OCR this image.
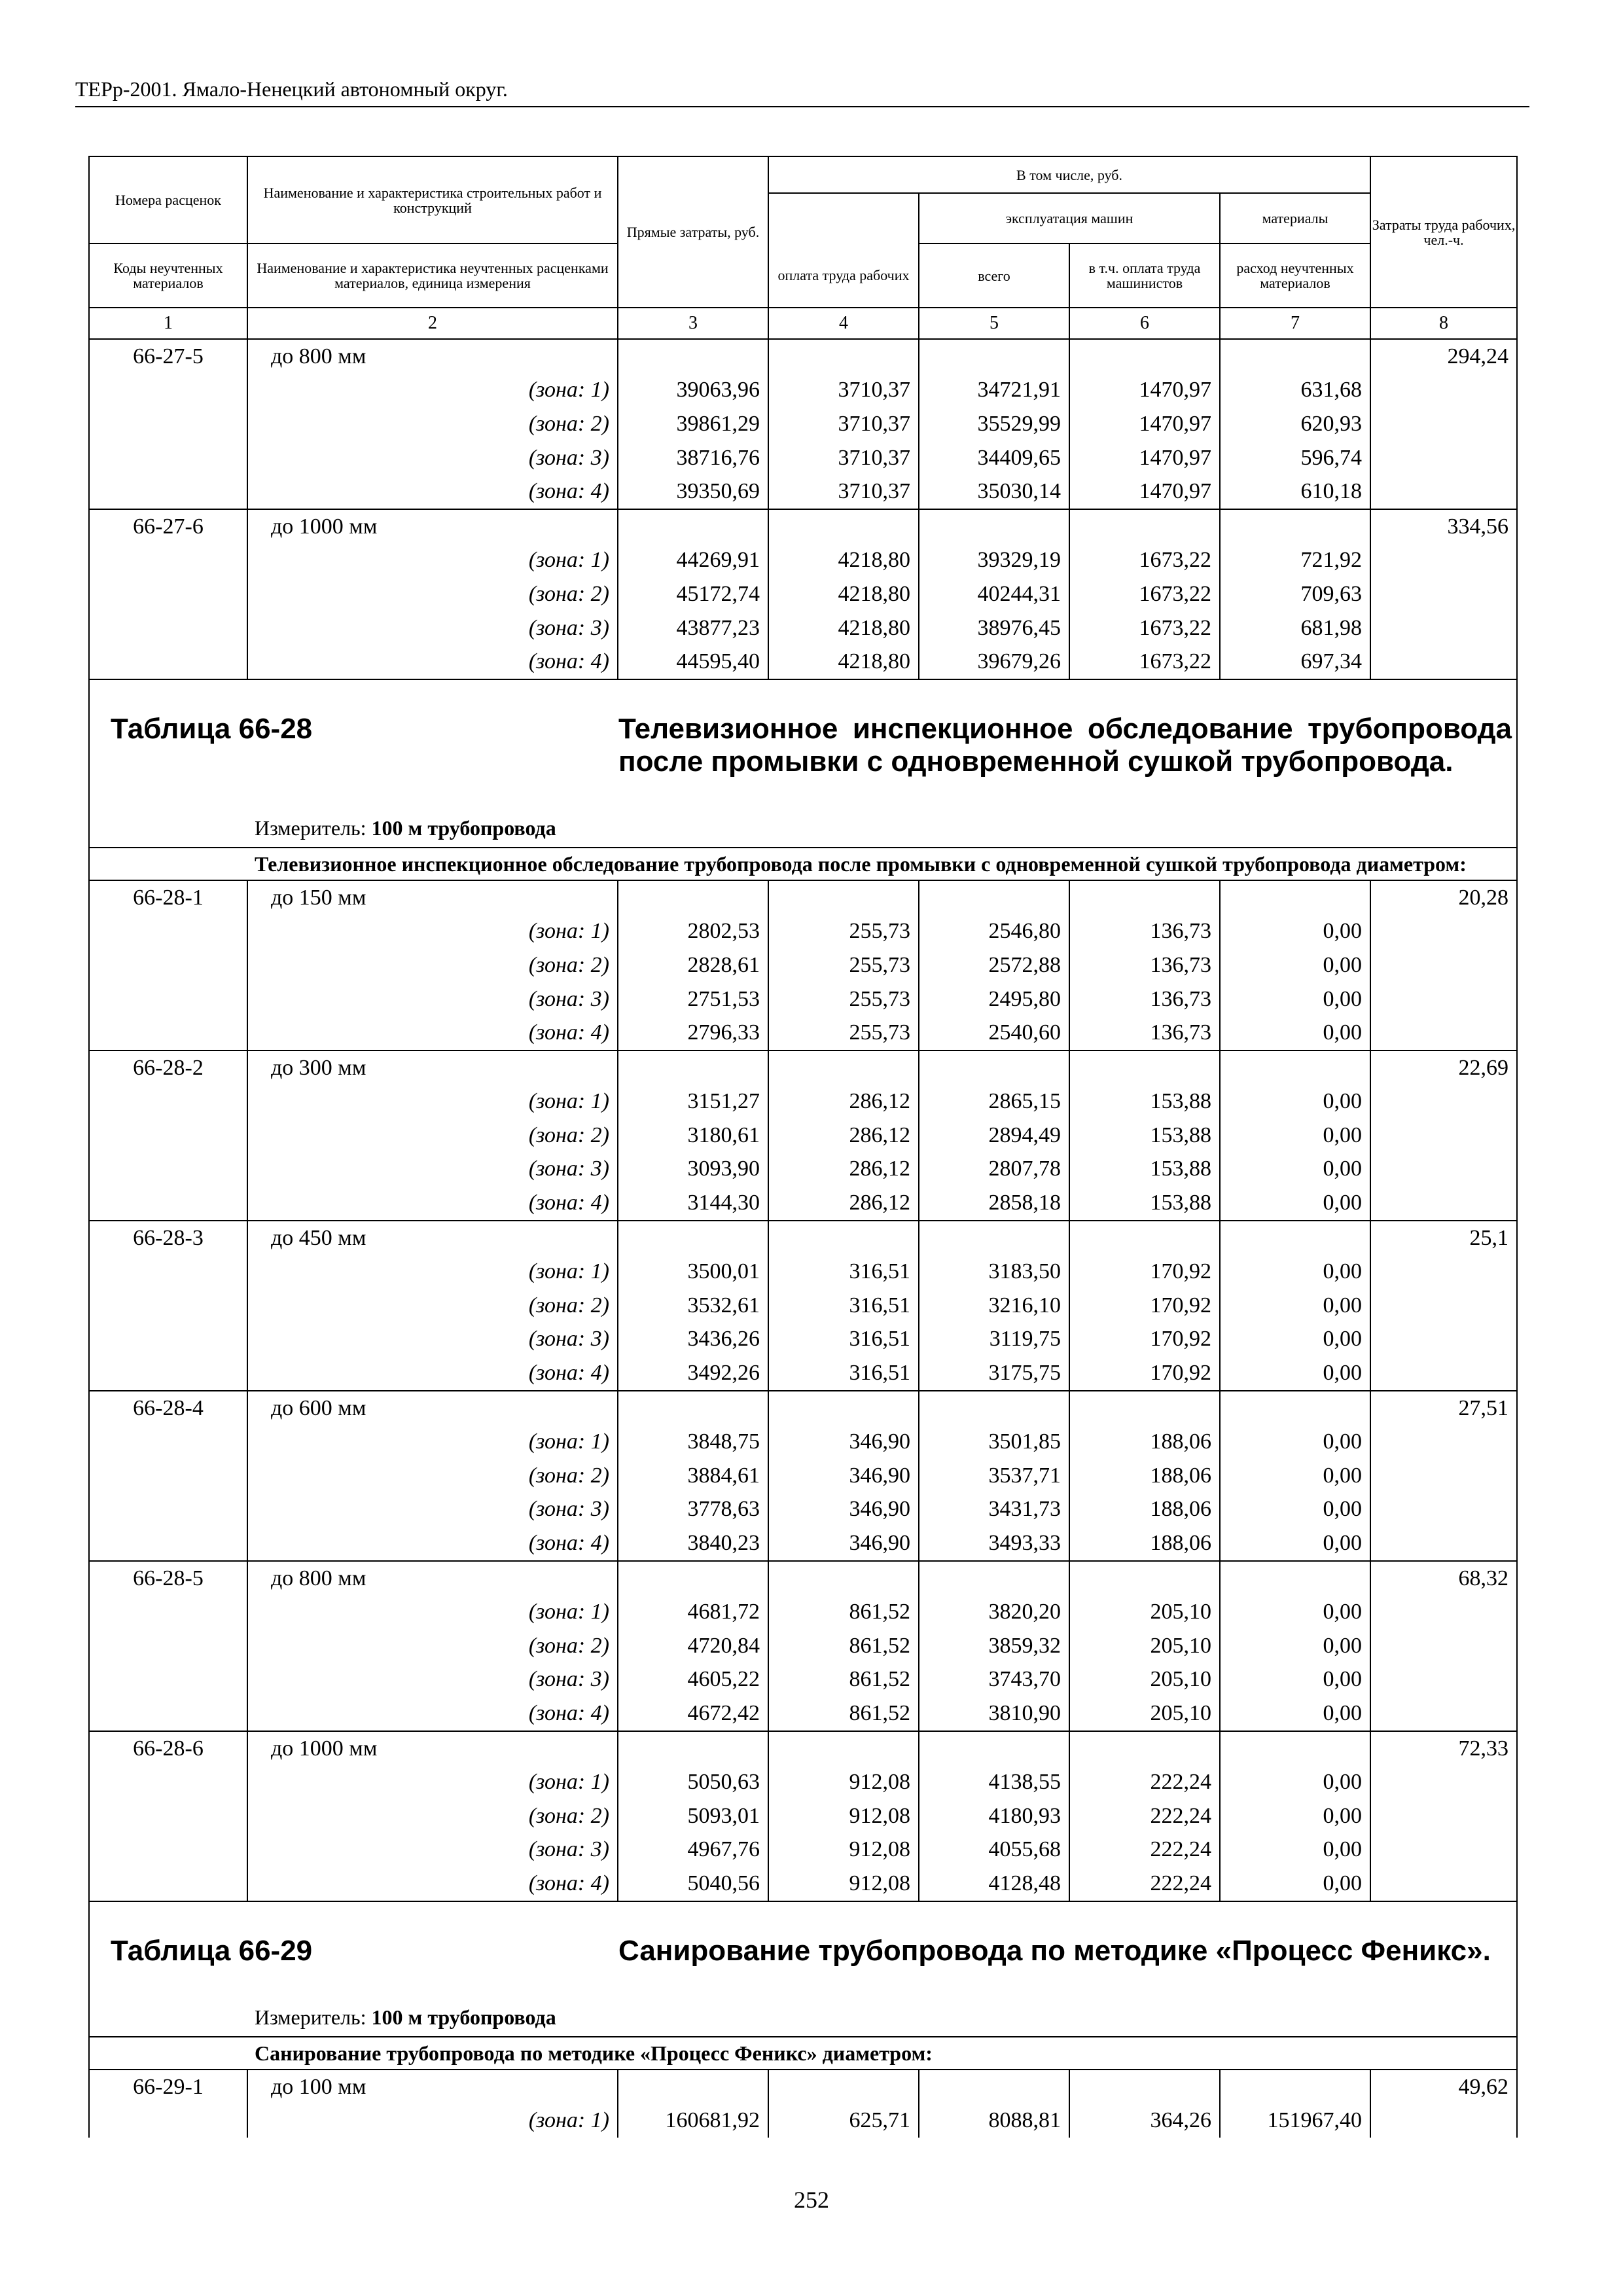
ТЕРр-2001. Ямало-Ненецкий автономный округ.
Номера расценок	Наименование и характеристика строительных работ и конструкций	Прямые затраты, руб.	В том числе, руб.				Затраты труда рабочих, чел.-ч.
				эксплуатация машин		материалы	
Коды неучтенных материалов	Наименование и характеристика неучтенных расценками материалов, единица измерения		оплата труда рабочих	всего	в т.ч. оплата труда машинистов	расход неучтенных материалов	
1	2	3	4	5	6	7	8
66-27-5	до 800 мм						294,24
	(зона: 1)	39063,96	3710,37	34721,91	1470,97	631,68	
	(зона: 2)	39861,29	3710,37	35529,99	1470,97	620,93	
	(зона: 3)	38716,76	3710,37	34409,65	1470,97	596,74	
	(зона: 4)	39350,69	3710,37	35030,14	1470,97	610,18	
66-27-6	до 1000 мм						334,56
	(зона: 1)	44269,91	4218,80	39329,19	1673,22	721,92	
	(зона: 2)	45172,74	4218,80	40244,31	1673,22	709,63	
	(зона: 3)	43877,23	4218,80	38976,45	1673,22	681,98	
	(зона: 4)	44595,40	4218,80	39679,26	1673,22	697,34	

Таблица 66-28 Телевизионное инспекционное обследование трубопровода после промывки с одновременной сушкой трубопровода.
Измеритель: 100 м трубопровода							

Телевизионное инспекционное обследование трубопровода после промывки с одновременной сушкой трубопровода диаметром:							
66-28-1	до 150 мм						20,28
	(зона: 1)	2802,53	255,73	2546,80	136,73	0,00	
	(зона: 2)	2828,61	255,73	2572,88	136,73	0,00	
	(зона: 3)	2751,53	255,73	2495,80	136,73	0,00	
	(зона: 4)	2796,33	255,73	2540,60	136,73	0,00	
66-28-2	до 300 мм						22,69
	(зона: 1)	3151,27	286,12	2865,15	153,88	0,00	
	(зона: 2)	3180,61	286,12	2894,49	153,88	0,00	
	(зона: 3)	3093,90	286,12	2807,78	153,88	0,00	
	(зона: 4)	3144,30	286,12	2858,18	153,88	0,00	
66-28-3	до 450 мм						25,1
	(зона: 1)	3500,01	316,51	3183,50	170,92	0,00	
	(зона: 2)	3532,61	316,51	3216,10	170,92	0,00	
	(зона: 3)	3436,26	316,51	3119,75	170,92	0,00	
	(зона: 4)	3492,26	316,51	3175,75	170,92	0,00	
66-28-4	до 600 мм						27,51
	(зона: 1)	3848,75	346,90	3501,85	188,06	0,00	
	(зона: 2)	3884,61	346,90	3537,71	188,06	0,00	
	(зона: 3)	3778,63	346,90	3431,73	188,06	0,00	
	(зона: 4)	3840,23	346,90	3493,33	188,06	0,00	
66-28-5	до 800 мм						68,32
	(зона: 1)	4681,72	861,52	3820,20	205,10	0,00	
	(зона: 2)	4720,84	861,52	3859,32	205,10	0,00	
	(зона: 3)	4605,22	861,52	3743,70	205,10	0,00	
	(зона: 4)	4672,42	861,52	3810,90	205,10	0,00	
66-28-6	до 1000 мм						72,33
	(зона: 1)	5050,63	912,08	4138,55	222,24	0,00	
	(зона: 2)	5093,01	912,08	4180,93	222,24	0,00	
	(зона: 3)	4967,76	912,08	4055,68	222,24	0,00	
	(зона: 4)	5040,56	912,08	4128,48	222,24	0,00	

Таблица 66-29 Санирование трубопровода по методике «Процесс Феникс».
Измеритель: 100 м трубопровода							

Санирование трубопровода по методике «Процесс Феникс» диаметром:							
66-29-1	до 100 мм						49,62
	(зона: 1)	160681,92	625,71	8088,81	364,26	151967,40	
252
